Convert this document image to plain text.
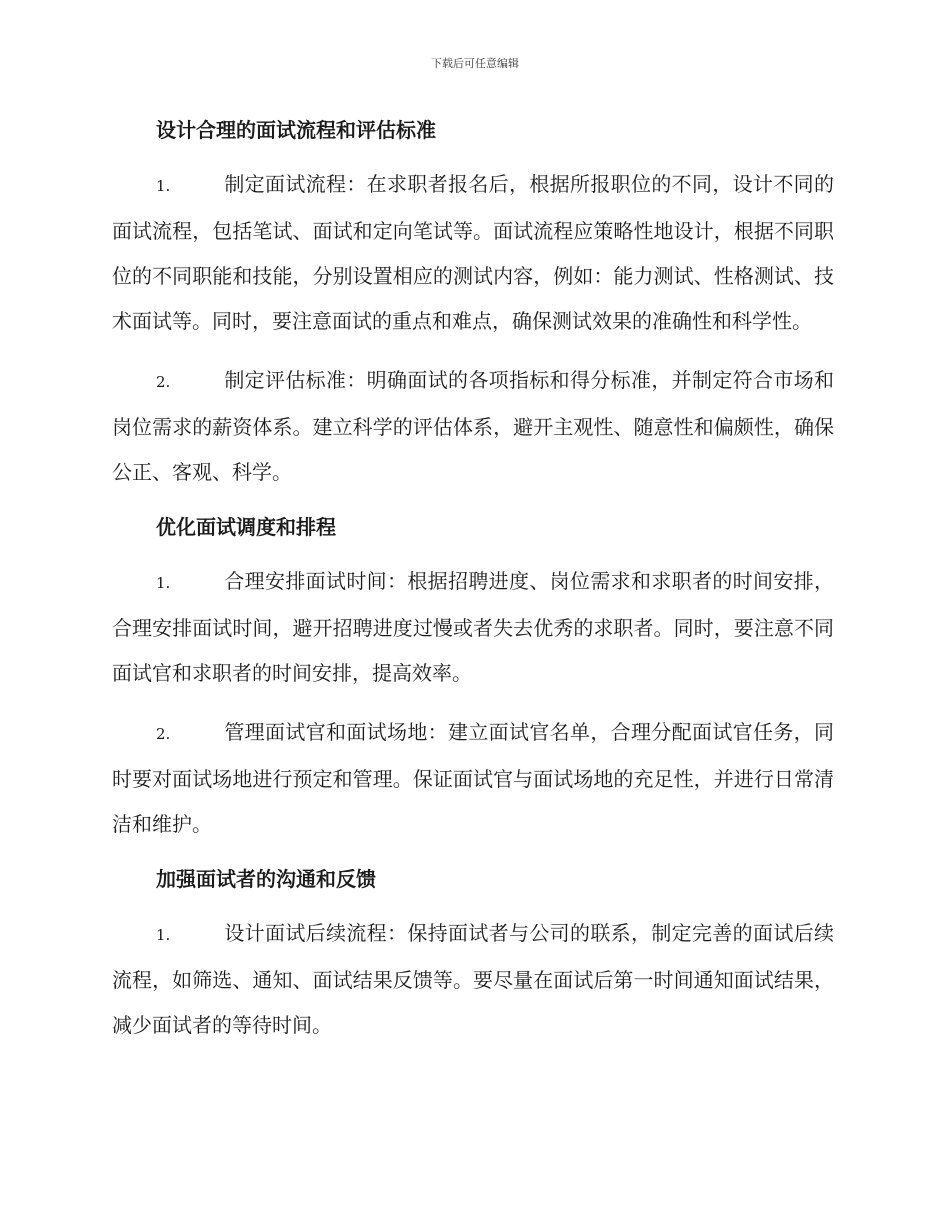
下载后可任意编辑
设计合理的面试流程和评估标准

1.	制定面试流程：在求职者报名后，根据所报职位的不同，设计不同的面试流程，包括笔试、面试和定向笔试等。面试流程应策略性地设计，根据不同职位的不同职能和技能，分别设置相应的测试内容，例如：能力测试、性格测试、技术面试等。同时，要注意面试的重点和难点，确保测试效果的准确性和科学性。

2.	制定评估标准：明确面试的各项指标和得分标准，并制定符合市场和岗位需求的薪资体系。建立科学的评估体系，避开主观性、随意性和偏颇性，确保公正、客观、科学。

优化面试调度和排程

1.	合理安排面试时间：根据招聘进度、岗位需求和求职者的时间安排，合理安排面试时间，避开招聘进度过慢或者失去优秀的求职者。同时，要注意不同面试官和求职者的时间安排，提高效率。

2.	管理面试官和面试场地：建立面试官名单，合理分配面试官任务，同时要对面试场地进行预定和管理。保证面试官与面试场地的充足性，并进行日常清洁和维护。

加强面试者的沟通和反馈

1.	设计面试后续流程：保持面试者与公司的联系，制定完善的面试后续流程，如筛选、通知、面试结果反馈等。要尽量在面试后第一时间通知面试结果，减少面试者的等待时间。
